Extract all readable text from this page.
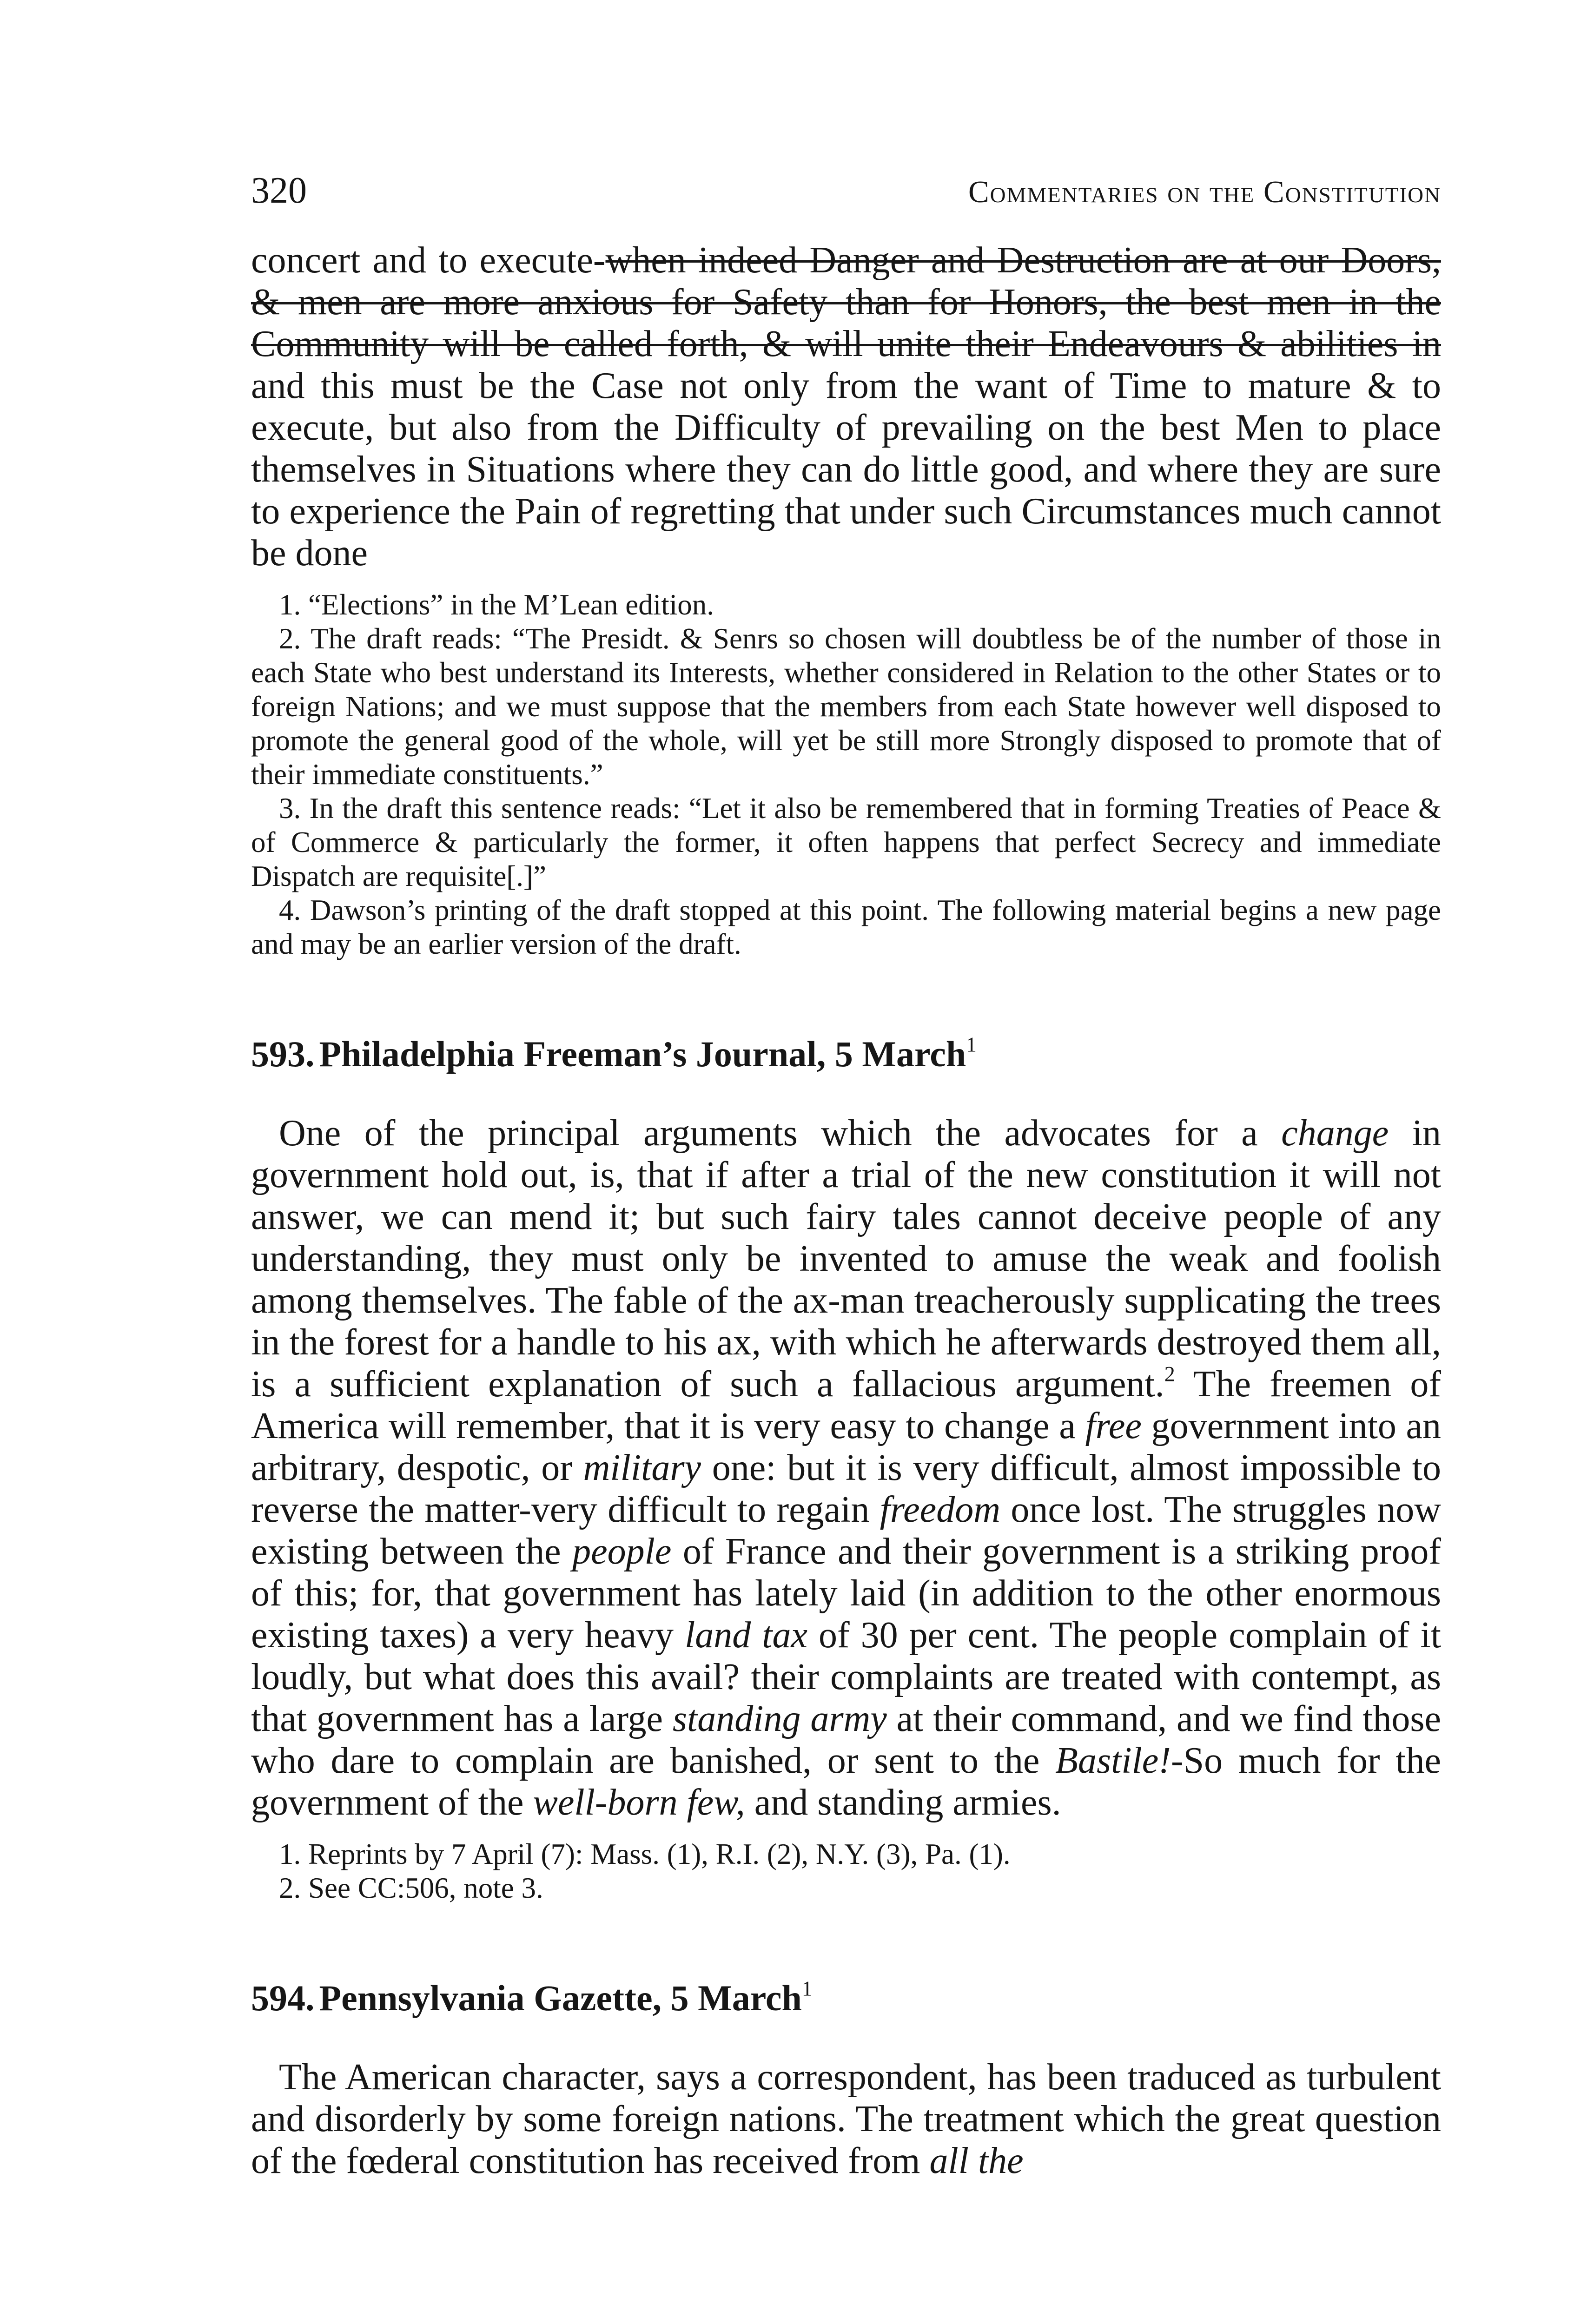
320	Commentaries on the Constitution

concert and to execute-when indeed Danger and Destruction are at our Doors, & men are more anxious for Safety than for Honors, the best men in the Community will be called forth, & will unite their Endeavours & abilities in and this must be the Case not only from the want of Time to mature & to execute, but also from the Difficulty of prevailing on the best Men to place themselves in Situations where they can do little good, and where they are sure to experience the Pain of regretting that under such Circumstances much cannot be done

1. “Elections” in the M’Lean edition.

2. The draft reads: “The Presidt. & Senrs so chosen will doubtless be of the number of those in each State who best understand its Interests, whether considered in Relation to the other States or to foreign Nations; and we must suppose that the members from each State however well disposed to promote the general good of the whole, will yet be still more Strongly disposed to promote that of their immediate constituents.”

3. In the draft this sentence reads: “Let it also be remembered that in forming Treaties of Peace & of Commerce & particularly the former, it often happens that perfect Secrecy and immediate Dispatch are requisite[.]”

4. Dawson’s printing of the draft stopped at this point. The following material begins a new page and may be an earlier version of the draft.

593. Philadelphia Freeman’s Journal, 5 March$^1$

One of the principal arguments which the advocates for a change in government hold out, is, that if after a trial of the new constitution it will not answer, we can mend it; but such fairy tales cannot deceive people of any understanding, they must only be invented to amuse the weak and foolish among themselves. The fable of the ax-man treacherously supplicating the trees in the forest for a handle to his ax, with which he afterwards destroyed them all, is a sufficient explanation of such a fallacious argument.$^2$ The freemen of America will remember, that it is very easy to change a free government into an arbitrary, despotic, or military one: but it is very difficult, almost impossible to reverse the matter-very difficult to regain freedom once lost. The struggles now existing between the people of France and their government is a striking proof of this; for, that government has lately laid (in addition to the other enormous existing taxes) a very heavy land tax of 30 per cent. The people complain of it loudly, but what does this avail? their complaints are treated with contempt, as that government has a large standing army at their command, and we find those who dare to complain are banished, or sent to the Bastile!-So much for the government of the well-born few, and standing armies.

1. Reprints by 7 April (7): Mass. (1), R.I. (2), N.Y. (3), Pa. (1).

2. See CC:506, note 3.

594. Pennsylvania Gazette, 5 March$^1$

The American character, says a correspondent, has been traduced as turbulent and disorderly by some foreign nations. The treatment which the great question of the fœderal constitution has received from all the
